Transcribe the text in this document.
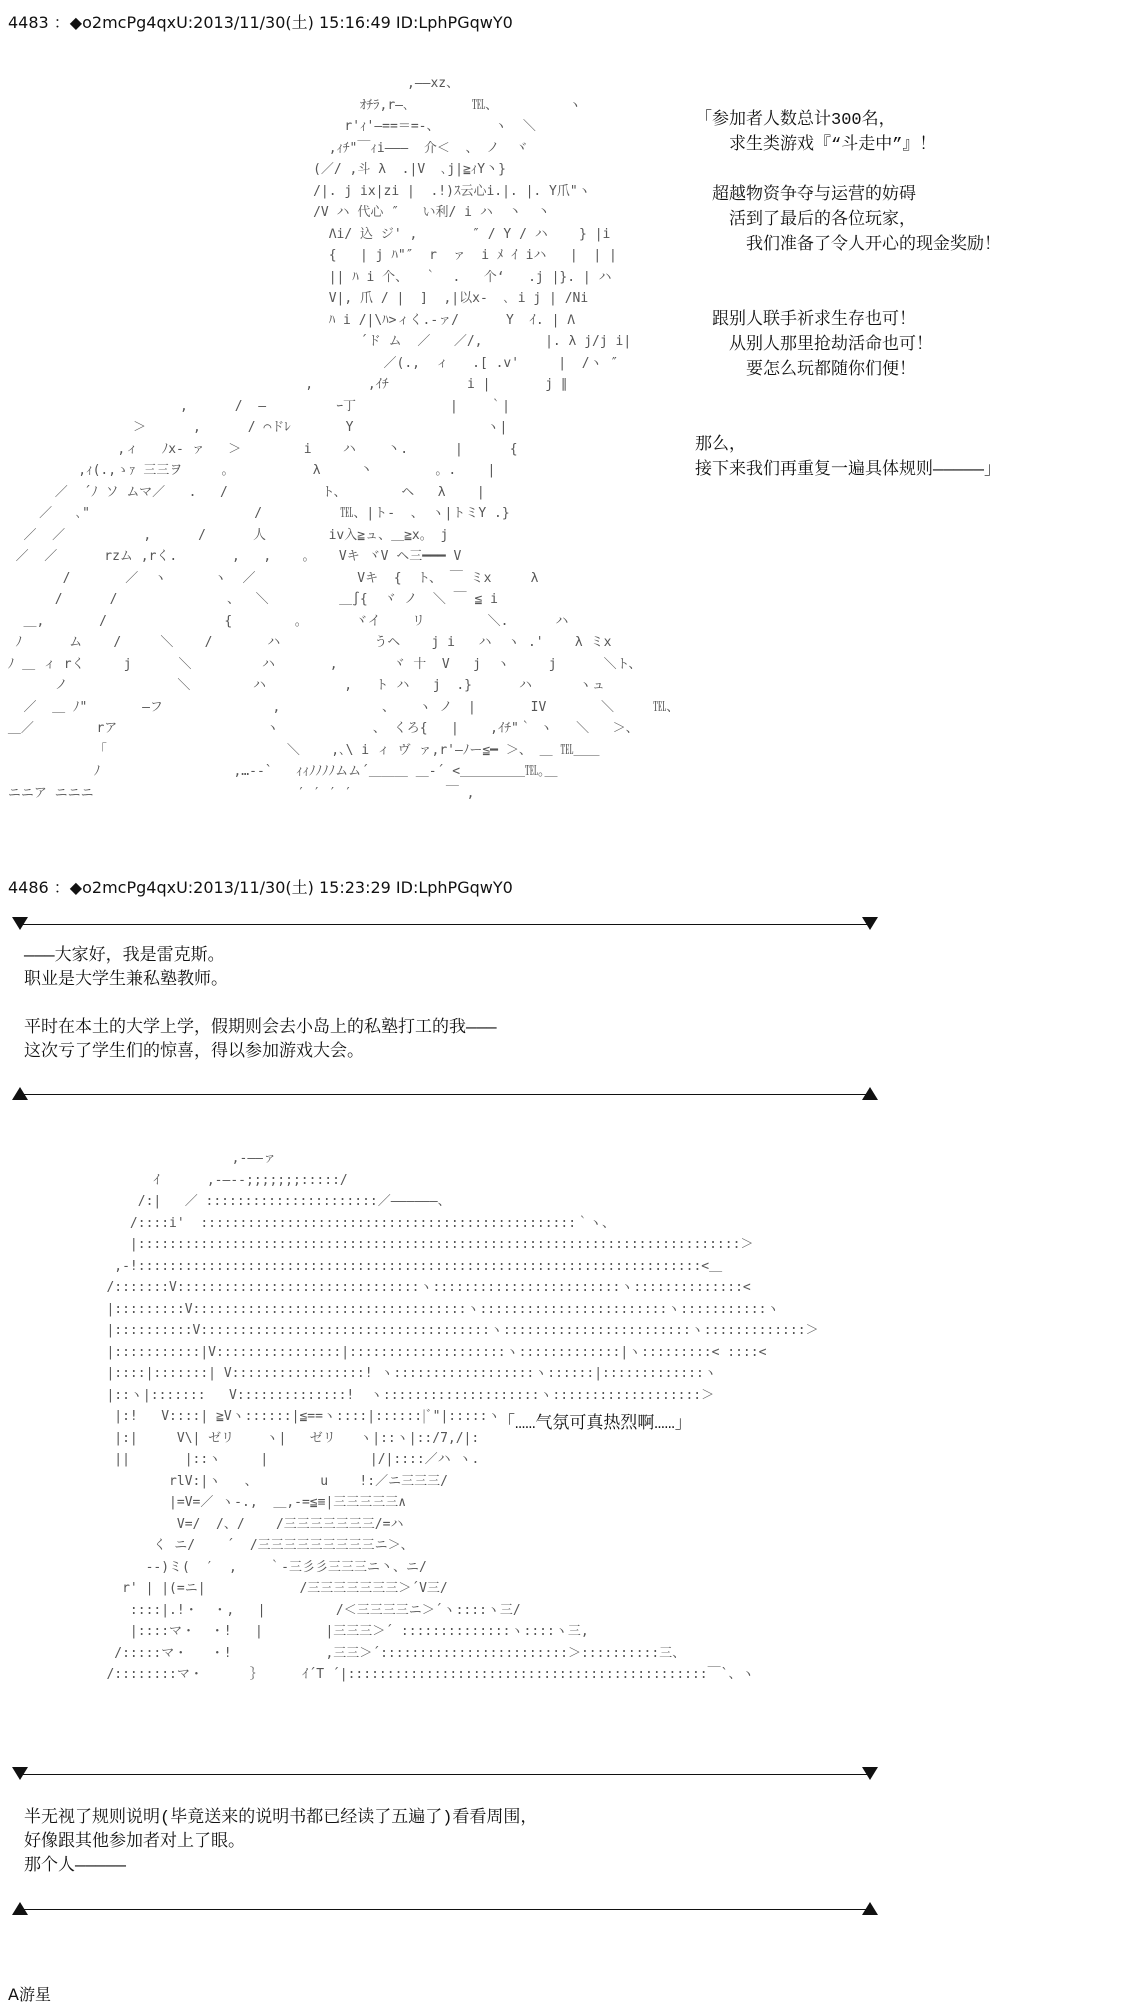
4483 ：◆o2mcPg4qxU:2013/11/30(土) 15:16:49 ID:LphPGqwY0
,――xz、
ｵﾁﾗ,r―､        ℡、         ヽ
r'ｨ'―==＝=-、       ヽ  ＼
,ｨﾁ"￣ｨi―――  介＜  、 ノ  ヾ
(／/ ,斗 λ  .|V  ､j|≧ｨY丶}
/|. j ix|zi |  .!)ｽ云心i.|. |. Y爪"ヽ
/V ハ 代心 ″   い利/ i ハ  丶  丶
Λi/ 込 ジ' ,       ″ / Y / ハ    } |i
{   | j ﾊ"″  r  ァ  i ﾒ ｲ iハ   |  | |
|| ﾊ i 个、  ｀  .   个‘   .j |}. | ハ
V|, 爪 / |  ]  ,|以x-  ､ i j | /Ni
ﾊ i /|\ﾊ>ィく.-ァ/      Y  ｲ. | Λ
´ド ム  ／   ／/,        |. λ j/j i|
／(.,  ィ   .[ .v'     |  /ヽ ″
,       ,ｲﾁ          i |       j ∥
,      /  ―         ｰ丁            |    ｀|
＞      ,      / ⌒ドﾚ       Y                 ヽ|
,ィ   ﾉx- ァ   ＞        i    ハ    丶.      |      {
,ｨ(.,ゝｧ 三三ヲ     。          λ     丶        。.    |
／  ´ﾉ ソ ムマ／   .   /            ト、       ヘ   λ    |
／   ､"                     /          ℡、|ト-  、 ヽ|トミY .}
／  ／          ,      /      人        iv入≧ュ、＿≧x。 j
／  ／      rzム ,rく.       ,   ,    。   Vキ ヾV ヘ三━━━ V
/       ／  ヽ      ヽ  ／             Vキ  {  ト、 ￣ ミx     λ
/      /              、  ＼         ＿∫{  ヾ ノ  ＼ ￣ ≦ i
＿,       /               {        。      ヾイ    リ        ＼.      ハ
ﾉ      ム    /     ＼    /       ハ            うヘ    j i   ハ  ヽ .'    λ ミx
ﾉ ＿ ィ rく     j      ＼         ハ       ,       ヾ 十  V   j  ヽ     j      ＼ト、
ノ              ＼        ハ          ,   ト ハ   j  .}      ハ      ヽュ
／  ＿ ﾉ"       ―フ              ,             、   ヽ ノ  |       IV       ＼     ℡、
＿／        rア                   ヽ            、 くろ{   |    ,ｲﾁ"｀ ヽ   ＼   ＞、
「                       ＼    ,､\ i ィ ヴ ァ,r'―ﾉー≦━ ＞、 ＿ ℡＿＿
ﾉ                 ,…-‐`   ｨｨﾉﾉﾉﾉムム´＿＿＿ ＿‐´ <＿＿＿＿＿℡｡＿
ニニア ニニニ                          ′ ′ ′ ′            ￣ ,
「参加者人数总计300名，
　　求生类游戏『“斗走中”』！

　超越物资争夺与运营的妨碍
　　活到了最后的各位玩家，
　　　我们准备了令人开心的现金奖励！

　跟别人联手祈求生存也可！
　　从别人那里抢劫活命也可！
　　　要怎么玩都随你们便！

那么，
接下来我们再重复一遍具体规则―――――」
4486 ：◆o2mcPg4qxU:2013/11/30(土) 15:23:29 ID:LphPGqwY0
―――大家好，我是雷克斯。
职业是大学生兼私塾教师。

平时在本土的大学上学，假期则会去小岛上的私塾打工的我―――
这次亏了学生们的惊喜，得以参加游戏大会。
,-――ァ
ｲ      ,-―‐-;;;;;;;:::::/
/:|   ／ ::::::::::::::::::::::／――――――、
/::::i'  ::::::::::::::::::::::::::::::::::::::::::::::::｀ヽ、
|:::::::::::::::::::::::::::::::::::::::::::::::::::::::::::::::::::::::::::::＞
,-!::::::::::::::::::::::::::::::::::::::::::::::::::::::::::::::::::::::::<＿
/:::::::V:::::::::::::::::::::::::::::::ヽ::::::::::::::::::::::::ヽ::::::::::::::<
|:::::::::V:::::::::::::::::::::::::::::::::::ヽ::::::::::::::::::::::::ヽ:::::::::::ヽ
|::::::::::V:::::::::::::::::::::::::::::::::::::ヽ::::::::::::::::::::::::ヽ:::::::::::::＞
|:::::::::::|V::::::::::::::::|::::::::::::::::::::ヽ:::::::::::::|ヽ:::::::::< ::::<
|::::|:::::::| V:::::::::::::::::! ヽ::::::::::::::::::ヽ::::::|:::::::::::::ヽ
|::ヽ|:::::::   V::::::::::::::!  ヽ::::::::::::::::::::ヽ:::::::::::::::::::＞
|:!   V::::| ≧Vヽ::::::|≦==ヽ::::|::::::|ﾞ"|:::::ヽ
|:|     V\| ゼリ    ヽ|   ゼリ   ヽ|::ヽ|::/7,/|:
||       |::ヽ     |             |/|::::／ハ ヽ.
rlV:|ヽ   、        u    !:／ニ三三三/
|=V=／ ヽ-.,  ＿,-=≦≡|三三三三三∧
V=/  /、/    /三三三三三三三/=ハ
く ニ/    ´  /三三三三三三三三三ニ＞、
--)ミ(  ′  ,    ｀-三彡彡三三三ニ丶、ニ/
r' | |(=ニ|            /三三三三三三三＞´V三/
::::|.!・  ・,   |         /＜三三三三ニ＞´ヽ::::ヽ三/
|::::マ・  ・!   |        |三三三＞´ ::::::::::::::ヽ::::ヽ三,
/:::::マ・   ・!            ,三三＞´::::::::::::::::::::::::＞::::::::::三、
/::::::::マ・      ｝     ｲ´T ´|::::::::::::::::::::::::::::::::::::::::::::::￣`、ヽ
「……气氛可真热烈啊……」
半无视了规则说明(毕竟送来的说明书都已经读了五遍了)看看周围，
好像跟其他参加者对上了眼。
那个人―――――
A游星
